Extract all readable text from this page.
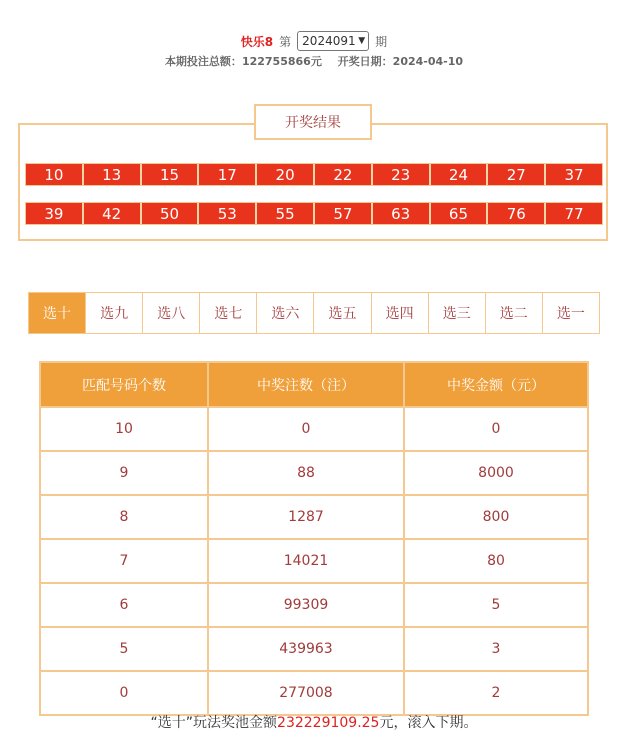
快乐8 第 2024091 ▼ 期
本期投注总额：122755866元 开奖日期：2024-04-10
开奖结果
10	13	15	17	20	22	23	24	27	37
39	42	50	53	55	57	63	65	76	77
选十	选九	选八	选七	选六	选五	选四	选三	选二	选一
匹配号码个数	中奖注数（注）	中奖金额（元）
10	0	0
9	88	8000
8	1287	800
7	14021	80
6	99309	5
5	439963	3
0	277008	2
“选十”玩法奖池金额232229109.25元，滚入下期。
